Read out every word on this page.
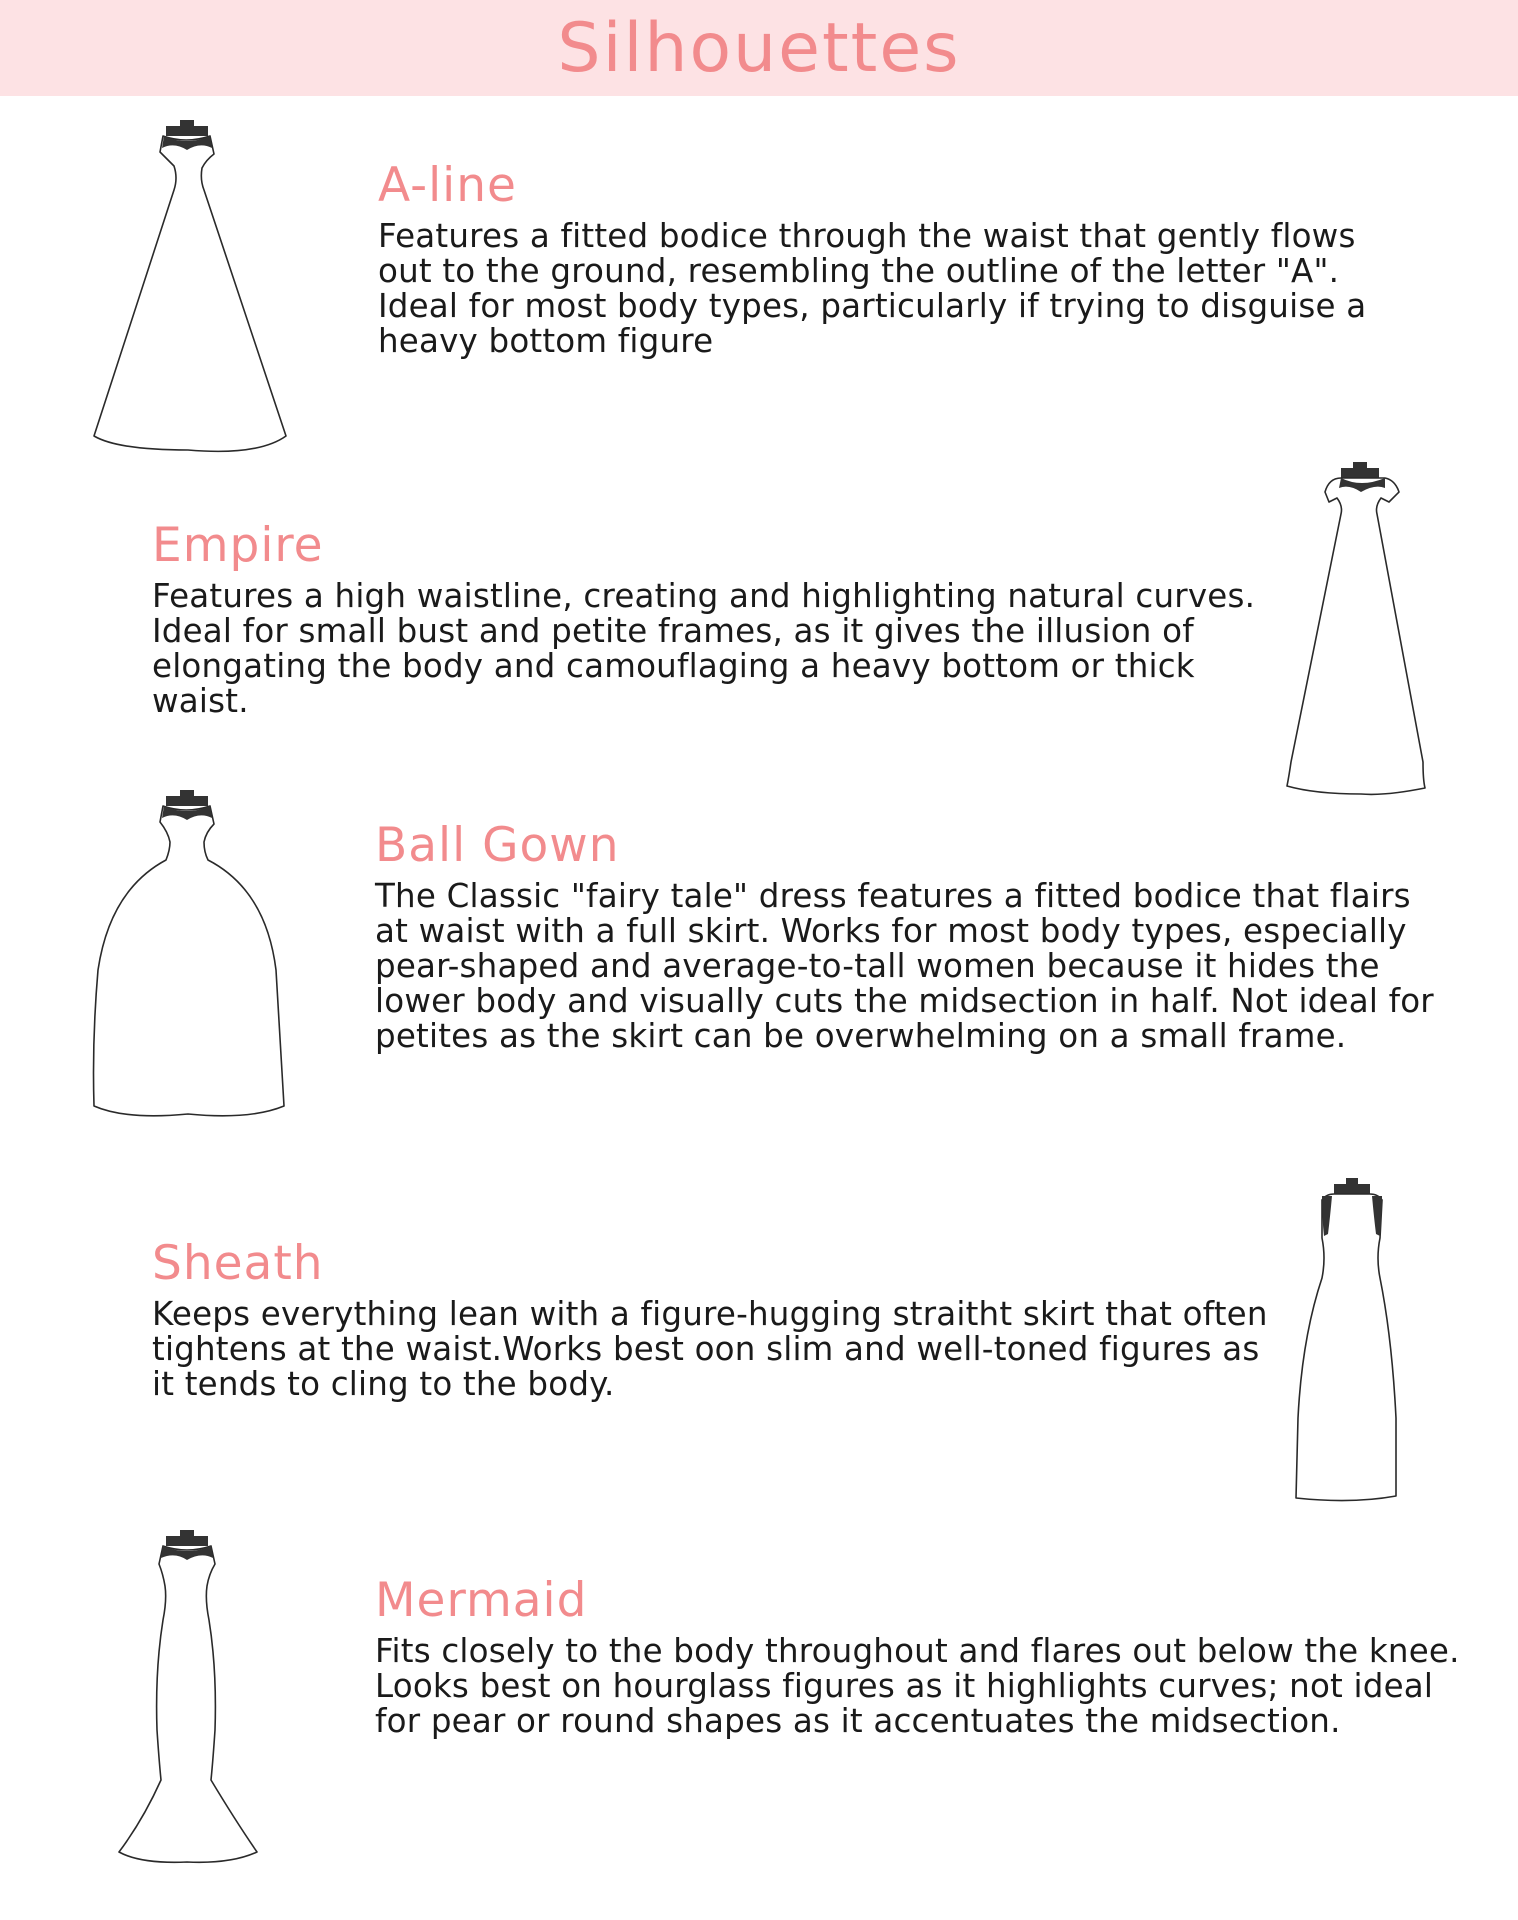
Silhouettes
A-line

Features a fitted bodice through the waist that gently flows out to the ground, resembling the outline of the letter "A". Ideal for most body types, particularly if trying to disguise a heavy bottom figure

Empire

Features a high waistline, creating and highlighting natural curves. Ideal for small bust and petite frames, as it gives the illusion of elongating the body and camouflaging a heavy bottom or thick waist.

Ball Gown

The Classic "fairy tale" dress features a fitted bodice that flairs at waist with a full skirt. Works for most body types, especially pear-shaped and average-to-tall women because it hides the lower body and visually cuts the midsection in half. Not ideal for petites as the skirt can be overwhelming on a small frame.

Sheath

Keeps everything lean with a figure-hugging straitht skirt that often tightens at the waist.Works best oon slim and well-toned figures as it tends to cling to the body.

Mermaid

Fits closely to the body throughout and flares out below the knee. Looks best on hourglass figures as it highlights curves; not ideal for pear or round shapes as it accentuates the midsection.
